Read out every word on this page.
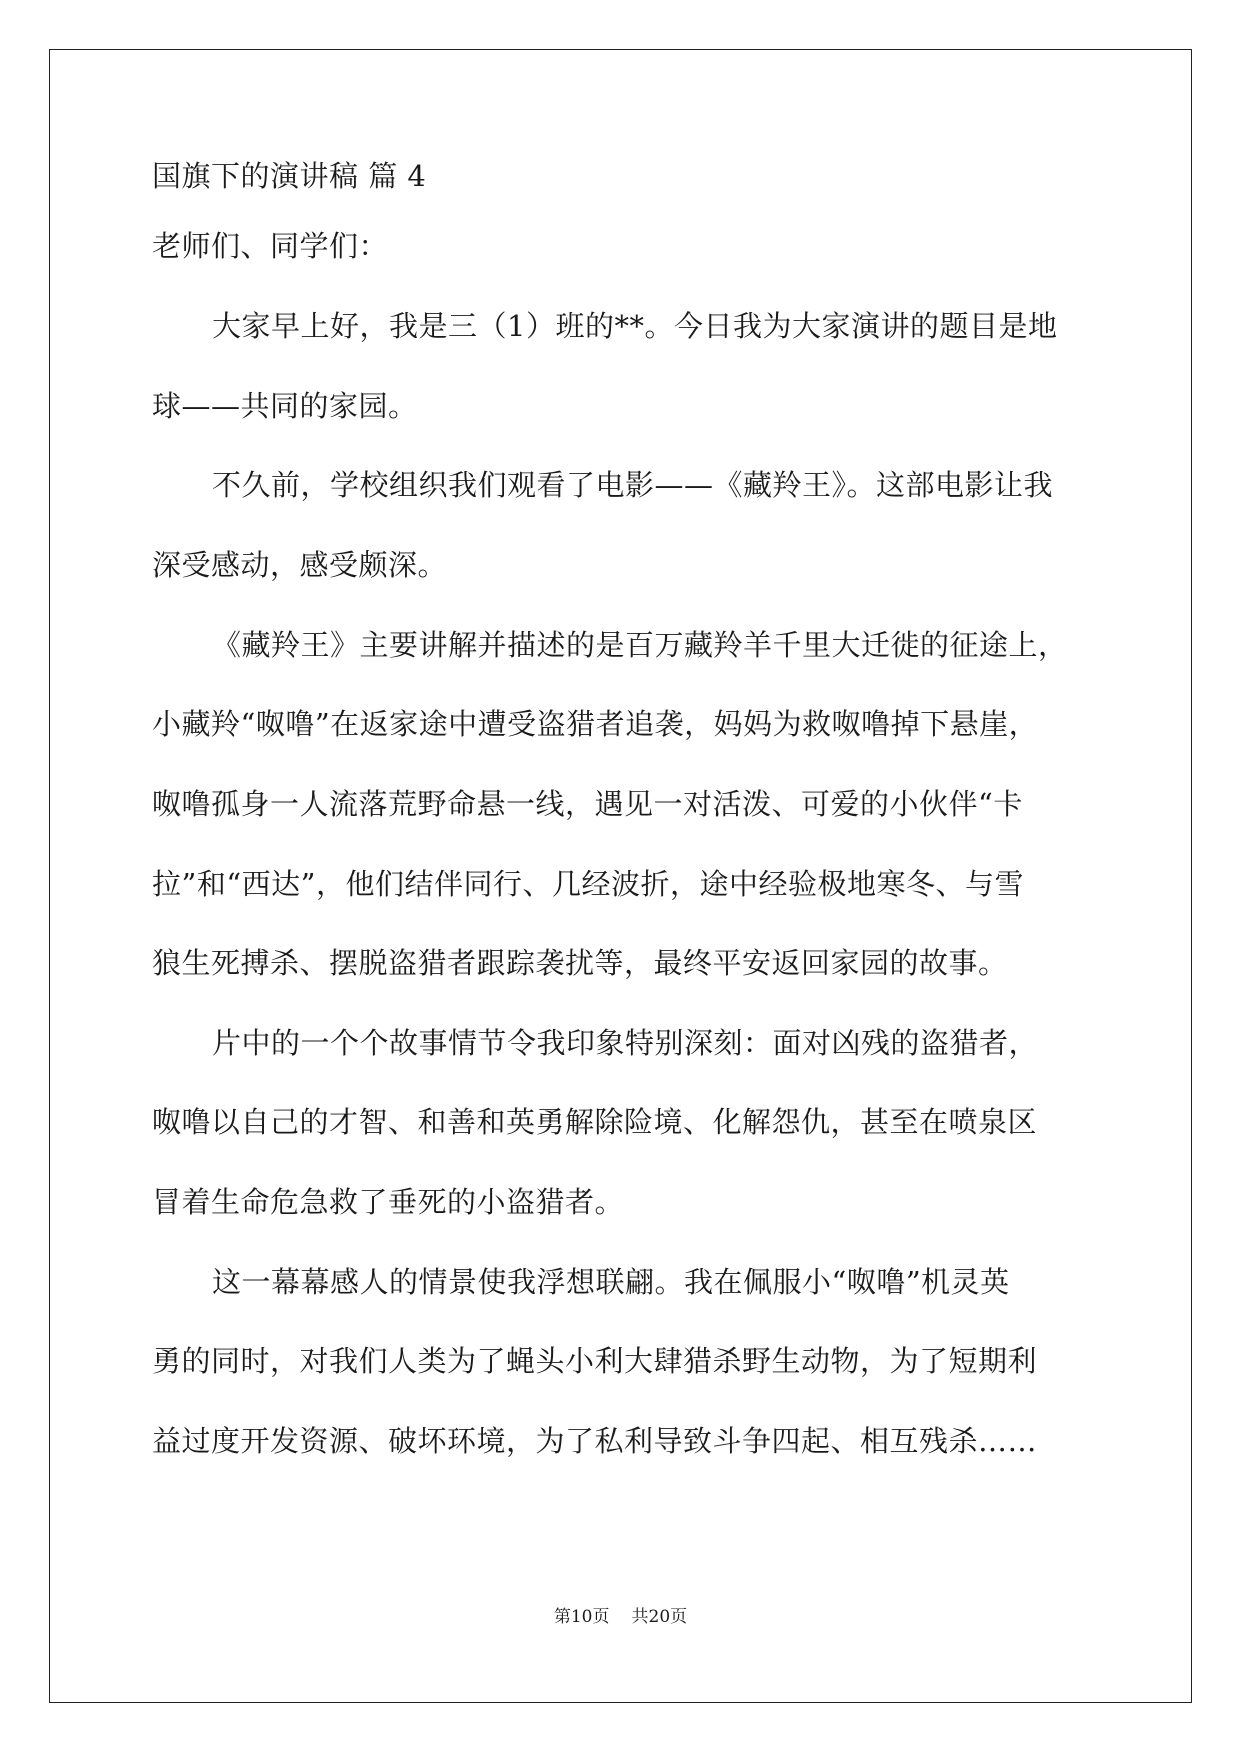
国旗下的演讲稿 篇 4
老师们、同学们：
大家早上好，我是三（1）班的**。今日我为大家演讲的题目是地
球——共同的家园。
不久前，学校组织我们观看了电影——《藏羚王》。这部电影让我
深受感动，感受颇深。
《藏羚王》主要讲解并描述的是百万藏羚羊千里大迁徙的征途上，
小藏羚“呶噜”在返家途中遭受盗猎者追袭，妈妈为救呶噜掉下悬崖，
呶噜孤身一人流落荒野命悬一线，遇见一对活泼、可爱的小伙伴“卡
拉”和“西达”，他们结伴同行、几经波折，途中经验极地寒冬、与雪
狼生死搏杀、摆脱盗猎者跟踪袭扰等，最终平安返回家园的故事。
片中的一个个故事情节令我印象特别深刻：面对凶残的盗猎者，
呶噜以自己的才智、和善和英勇解除险境、化解怨仇，甚至在喷泉区
冒着生命危急救了垂死的小盗猎者。
这一幕幕感人的情景使我浮想联翩。我在佩服小“呶噜”机灵英
勇的同时，对我们人类为了蝇头小利大肆猎杀野生动物，为了短期利
益过度开发资源、破坏环境，为了私利导致斗争四起、相互残杀……
第10页 共20页
